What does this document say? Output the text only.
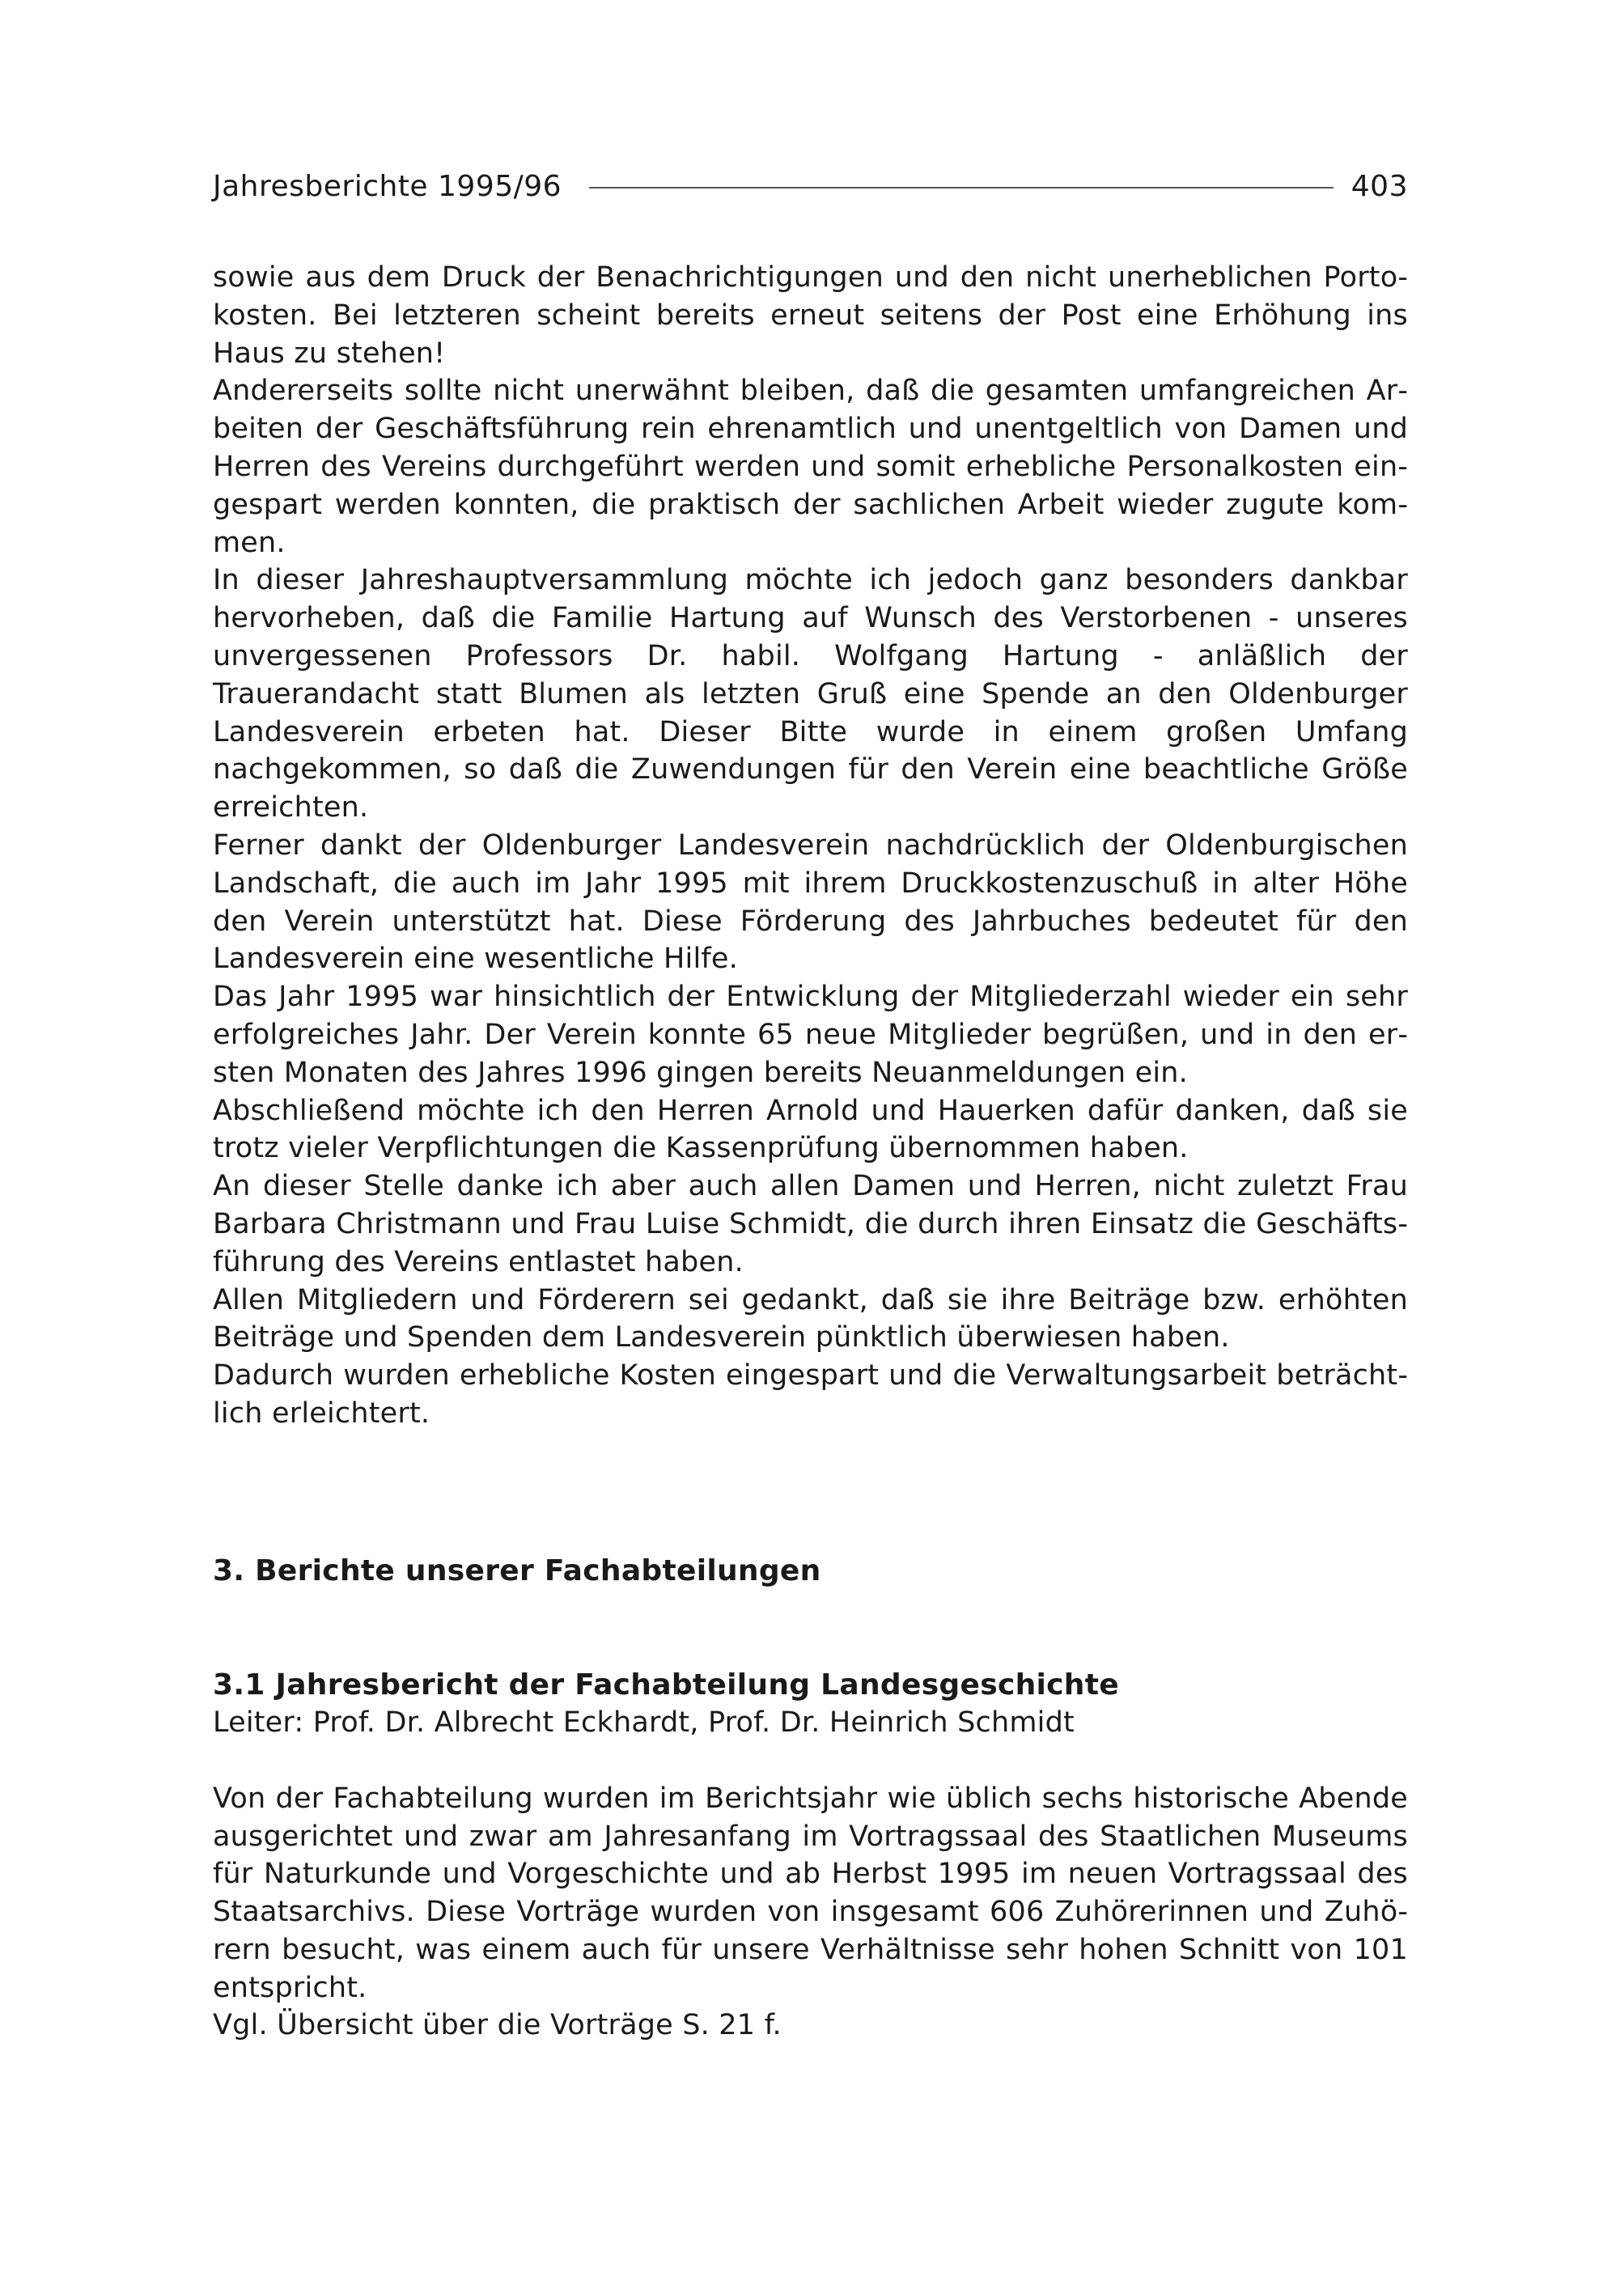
Jahresberichte 1995/96	403

sowie aus dem Druck der Benachrichtigungen und den nicht unerheblichen Portokosten. Bei letzteren scheint bereits erneut seitens der Post eine Erhöhung ins Haus zu stehen!

Andererseits sollte nicht unerwähnt bleiben, daß die gesamten umfangreichen Arbeiten der Geschäftsführung rein ehrenamtlich und unentgeltlich von Damen und Herren des Vereins durchgeführt werden und somit erhebliche Personalkosten eingespart werden konnten, die praktisch der sachlichen Arbeit wieder zugute kommen.

In dieser Jahreshauptversammlung möchte ich jedoch ganz besonders dankbar hervorheben, daß die Familie Hartung auf Wunsch des Verstorbenen - unseres unvergessenen Professors Dr. habil. Wolfgang Hartung - anläßlich der Trauerandacht statt Blumen als letzten Gruß eine Spende an den Oldenburger Landesverein erbeten hat. Dieser Bitte wurde in einem großen Umfang nachgekommen, so daß die Zuwendungen für den Verein eine beachtliche Größe erreichten.

Ferner dankt der Oldenburger Landesverein nachdrücklich der Oldenburgischen Landschaft, die auch im Jahr 1995 mit ihrem Druckkostenzuschuß in alter Höhe den Verein unterstützt hat. Diese Förderung des Jahrbuches bedeutet für den Landesverein eine wesentliche Hilfe.

Das Jahr 1995 war hinsichtlich der Entwicklung der Mitgliederzahl wieder ein sehr erfolgreiches Jahr. Der Verein konnte 65 neue Mitglieder begrüßen, und in den ersten Monaten des Jahres 1996 gingen bereits Neuanmeldungen ein.

Abschließend möchte ich den Herren Arnold und Hauerken dafür danken, daß sie trotz vieler Verpflichtungen die Kassenprüfung übernommen haben.

An dieser Stelle danke ich aber auch allen Damen und Herren, nicht zuletzt Frau Barbara Christmann und Frau Luise Schmidt, die durch ihren Einsatz die Geschäftsführung des Vereins entlastet haben.

Allen Mitgliedern und Förderern sei gedankt, daß sie ihre Beiträge bzw. erhöhten Beiträge und Spenden dem Landesverein pünktlich überwiesen haben.

Dadurch wurden erhebliche Kosten eingespart und die Verwaltungsarbeit beträchtlich erleichtert.

3. Berichte unserer Fachabteilungen
3.1 Jahresbericht der Fachabteilung Landesgeschichte

Leiter: Prof. Dr. Albrecht Eckhardt, Prof. Dr. Heinrich Schmidt

Von der Fachabteilung wurden im Berichtsjahr wie üblich sechs historische Abende ausgerichtet und zwar am Jahresanfang im Vortragssaal des Staatlichen Museums für Naturkunde und Vorgeschichte und ab Herbst 1995 im neuen Vortragssaal des Staatsarchivs. Diese Vorträge wurden von insgesamt 606 Zuhörerinnen und Zuhörern besucht, was einem auch für unsere Verhältnisse sehr hohen Schnitt von 101 entspricht.

Vgl. Übersicht über die Vorträge S. 21 f.
